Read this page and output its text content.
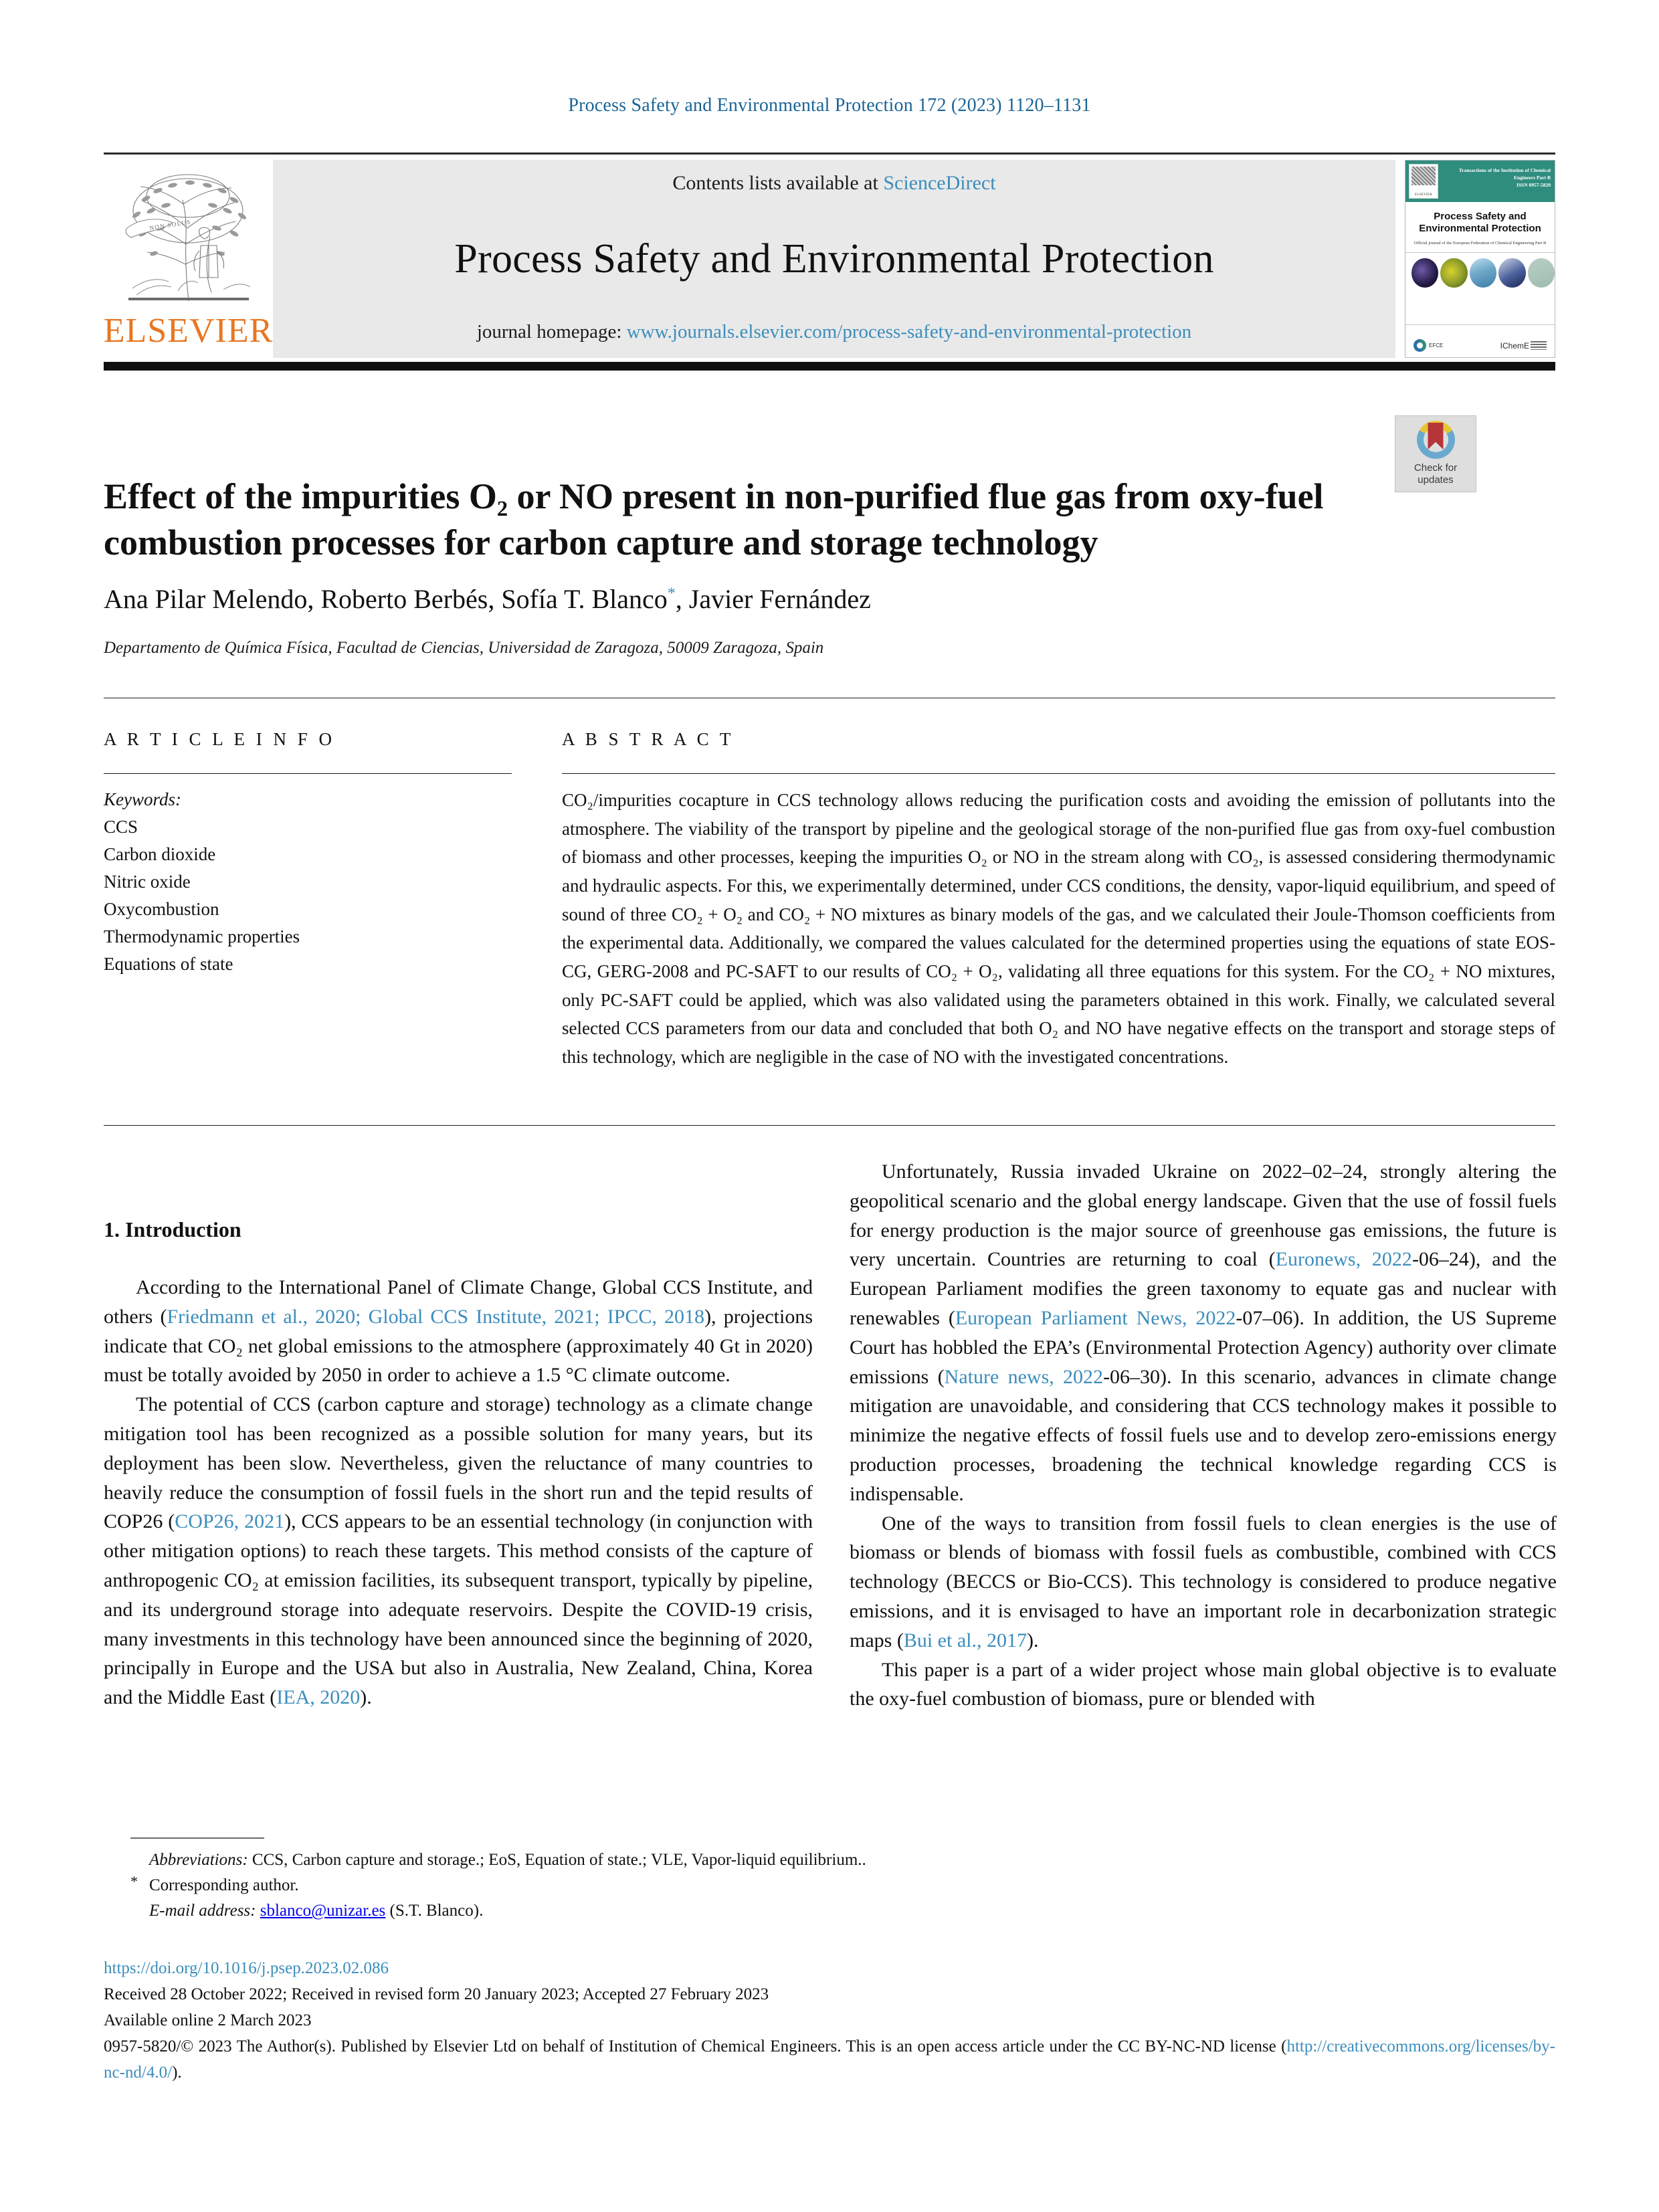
Process Safety and Environmental Protection 172 (2023) 1120–1131
NON SOLUS
ELSEVIER
Contents lists available at ScienceDirect
Process Safety and Environmental Protection
journal homepage: www.journals.elsevier.com/process-safety-and-environmental-protection
ELSEVIER
Transactions of the Institution of Chemical Engineers Part B
ISSN 0957-5820
Process Safety and Environmental Protection
Official journal of the European Federation of Chemical Engineering Part B
EFCE	IChemE
Check for
updates
Effect of the impurities O₂ or NO present in non-purified flue gas from oxy-fuel combustion processes for carbon capture and storage technology
Ana Pilar Melendo, Roberto Berbés, Sofía T. Blanco*, Javier Fernández
Departamento de Química Física, Facultad de Ciencias, Universidad de Zaragoza, 50009 Zaragoza, Spain
A R T I C L E I N F O
Keywords:
CCS
Carbon dioxide
Nitric oxide
Oxycombustion
Thermodynamic properties
Equations of state
A B S T R A C T
CO₂/impurities cocapture in CCS technology allows reducing the purification costs and avoiding the emission of pollutants into the atmosphere. The viability of the transport by pipeline and the geological storage of the non-purified flue gas from oxy-fuel combustion of biomass and other processes, keeping the impurities O₂ or NO in the stream along with CO₂, is assessed considering thermodynamic and hydraulic aspects. For this, we experimentally determined, under CCS conditions, the density, vapor-liquid equilibrium, and speed of sound of three CO₂ + O₂ and CO₂ + NO mixtures as binary models of the gas, and we calculated their Joule-Thomson coefficients from the experimental data. Additionally, we compared the values calculated for the determined properties using the equations of state EOS-CG, GERG-2008 and PC-SAFT to our results of CO₂ + O₂, validating all three equations for this system. For the CO₂ + NO mixtures, only PC-SAFT could be applied, which was also validated using the parameters obtained in this work. Finally, we calculated several selected CCS parameters from our data and concluded that both O₂ and NO have negative effects on the transport and storage steps of this technology, which are negligible in the case of NO with the investigated concentrations.
1. Introduction

According to the International Panel of Climate Change, Global CCS Institute, and others (Friedmann et al., 2020; Global CCS Institute, 2021; IPCC, 2018), projections indicate that CO₂ net global emissions to the atmosphere (approximately 40 Gt in 2020) must be totally avoided by 2050 in order to achieve a 1.5 °C climate outcome.

The potential of CCS (carbon capture and storage) technology as a climate change mitigation tool has been recognized as a possible solution for many years, but its deployment has been slow. Nevertheless, given the reluctance of many countries to heavily reduce the consumption of fossil fuels in the short run and the tepid results of COP26 (COP26, 2021), CCS appears to be an essential technology (in conjunction with other mitigation options) to reach these targets. This method consists of the capture of anthropogenic CO₂ at emission facilities, its subsequent transport, typically by pipeline, and its underground storage into adequate reservoirs. Despite the COVID-19 crisis, many investments in this technology have been announced since the beginning of 2020, principally in Europe and the USA but also in Australia, New Zealand, China, Korea and the Middle East (IEA, 2020).

Unfortunately, Russia invaded Ukraine on 2022–02–24, strongly altering the geopolitical scenario and the global energy landscape. Given that the use of fossil fuels for energy production is the major source of greenhouse gas emissions, the future is very uncertain. Countries are returning to coal (Euronews, 2022-06–24), and the European Parliament modifies the green taxonomy to equate gas and nuclear with renewables (European Parliament News, 2022-07–06). In addition, the US Supreme Court has hobbled the EPA’s (Environmental Protection Agency) authority over climate emissions (Nature news, 2022-06–30). In this scenario, advances in climate change mitigation are unavoidable, and considering that CCS technology makes it possible to minimize the negative effects of fossil fuels use and to develop zero-emissions energy production processes, broadening the technical knowledge regarding CCS is indispensable.

One of the ways to transition from fossil fuels to clean energies is the use of biomass or blends of biomass with fossil fuels as combustible, combined with CCS technology (BECCS or Bio-CCS). This technology is considered to produce negative emissions, and it is envisaged to have an important role in decarbonization strategic maps (Bui et al., 2017).

This paper is a part of a wider project whose main global objective is to evaluate the oxy-fuel combustion of biomass, pure or blended with

Abbreviations: CCS, Carbon capture and storage.; EoS, Equation of state.; VLE, Vapor-liquid equilibrium..
* Corresponding author.
E-mail address: sblanco@unizar.es (S.T. Blanco).
https://doi.org/10.1016/j.psep.2023.02.086
Received 28 October 2022; Received in revised form 20 January 2023; Accepted 27 February 2023
Available online 2 March 2023
0957-5820/© 2023 The Author(s). Published by Elsevier Ltd on behalf of Institution of Chemical Engineers. This is an open access article under the CC BY-NC-ND license (http://creativecommons.org/licenses/by-nc-nd/4.0/).
